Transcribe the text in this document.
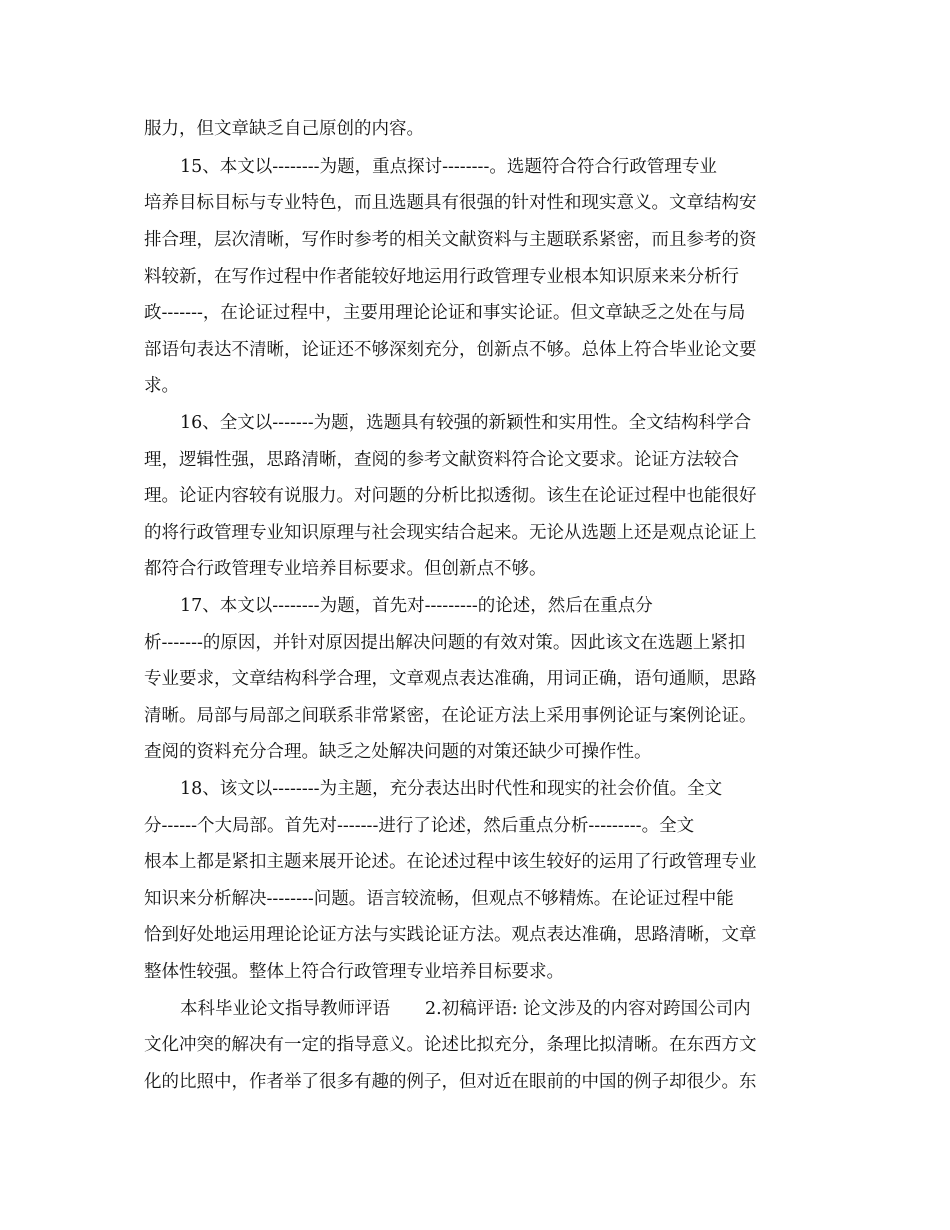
服力，但文章缺乏自己原创的内容。
15、本文以--------为题，重点探讨--------。选题符合符合行政管理专业
培养目标目标与专业特色，而且选题具有很强的针对性和现实意义。文章结构安
排合理，层次清晰，写作时参考的相关文献资料与主题联系紧密，而且参考的资
料较新，在写作过程中作者能较好地运用行政管理专业根本知识原来来分析行
政-------，在论证过程中，主要用理论论证和事实论证。但文章缺乏之处在与局
部语句表达不清晰，论证还不够深刻充分，创新点不够。总体上符合毕业论文要
求。
16、全文以-------为题，选题具有较强的新颖性和实用性。全文结构科学合
理，逻辑性强，思路清晰，查阅的参考文献资料符合论文要求。论证方法较合
理。论证内容较有说服力。对问题的分析比拟透彻。该生在论证过程中也能很好
的将行政管理专业知识原理与社会现实结合起来。无论从选题上还是观点论证上
都符合行政管理专业培养目标要求。但创新点不够。
17、本文以--------为题，首先对---------的论述，然后在重点分
析-------的原因，并针对原因提出解决问题的有效对策。因此该文在选题上紧扣
专业要求，文章结构科学合理，文章观点表达准确，用词正确，语句通顺，思路
清晰。局部与局部之间联系非常紧密，在论证方法上采用事例论证与案例论证。
查阅的资料充分合理。缺乏之处解决问题的对策还缺少可操作性。
18、该文以--------为主题，充分表达出时代性和现实的社会价值。全文
分------个大局部。首先对-------进行了论述，然后重点分析---------。全文
根本上都是紧扣主题来展开论述。在论述过程中该生较好的运用了行政管理专业
知识来分析解决--------问题。语言较流畅，但观点不够精炼。在论证过程中能
恰到好处地运用理论论证方法与实践论证方法。观点表达准确，思路清晰，文章
整体性较强。整体上符合行政管理专业培养目标要求。
本科毕业论文指导教师评语　　2.初稿评语: 论文涉及的内容对跨国公司内
文化冲突的解决有一定的指导意义。论述比拟充分，条理比拟清晰。在东西方文
化的比照中，作者举了很多有趣的例子，但对近在眼前的中国的例子却很少。东
